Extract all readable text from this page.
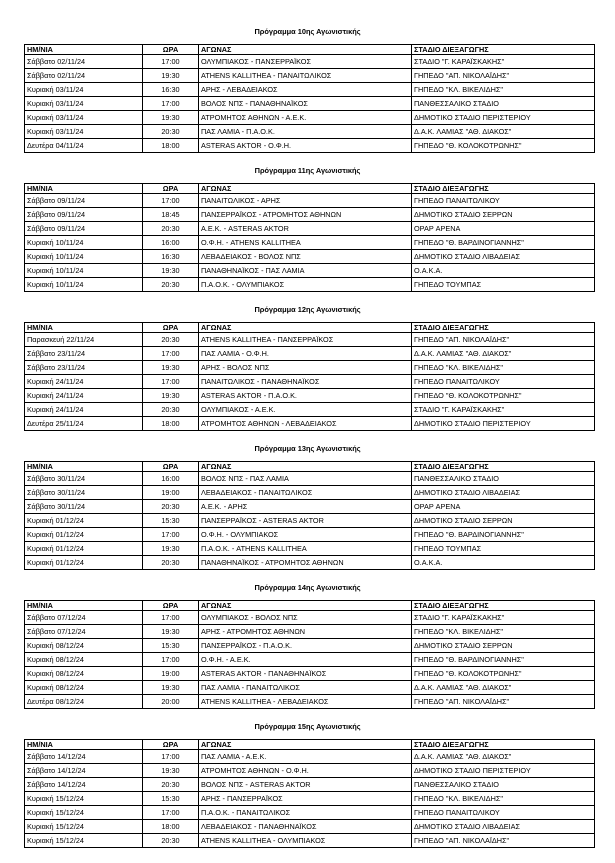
Πρόγραμμα 10ης Αγωνιστικής
ΗΜ/ΝΙΑ	ΩΡΑ	ΑΓΩΝΑΣ	ΣΤΑΔΙΟ ΔΙΕΞΑΓΩΓΗΣ
Σάββατο 02/11/24	17:00	ΟΛΥΜΠΙΑΚΟΣ - ΠΑΝΣΕΡΡΑΪΚΟΣ	ΣΤΑΔΙΟ "Γ. ΚΑΡΑΪΣΚΑΚΗΣ"
Σάββατο 02/11/24	19:30	ATHENS KALLITHEA - ΠΑΝΑΙΤΩΛΙΚΟΣ	ΓΗΠΕΔΟ "ΑΠ. ΝΙΚΟΛΑΪΔΗΣ"
Κυριακή 03/11/24	16:30	ΑΡΗΣ - ΛΕΒΑΔΕΙΑΚΟΣ	ΓΗΠΕΔΟ "ΚΛ. ΒΙΚΕΛΙΔΗΣ"
Κυριακή 03/11/24	17:00	ΒΟΛΟΣ ΝΠΣ - ΠΑΝΑΘΗΝΑΪΚΟΣ	ΠΑΝΘΕΣΣΑΛΙΚΟ ΣΤΑΔΙΟ
Κυριακή 03/11/24	19:30	ΑΤΡΟΜΗΤΟΣ ΑΘΗΝΩΝ - Α.Ε.Κ.	ΔΗΜΟΤΙΚΟ ΣΤΑΔΙΟ ΠΕΡΙΣΤΕΡΙΟΥ
Κυριακή 03/11/24	20:30	ΠΑΣ ΛΑΜΙΑ - Π.Α.Ο.Κ.	Δ.Α.Κ. ΛΑΜΙΑΣ "ΑΘ. ΔΙΑΚΟΣ"
Δευτέρα 04/11/24	18:00	ASTERAS AKTOR - Ο.Φ.Η.	ΓΗΠΕΔΟ "Θ. ΚΟΛΟΚΟΤΡΩΝΗΣ"
Πρόγραμμα 11ης Αγωνιστικής
ΗΜ/ΝΙΑ	ΩΡΑ	ΑΓΩΝΑΣ	ΣΤΑΔΙΟ ΔΙΕΞΑΓΩΓΗΣ
Σάββατο 09/11/24	17:00	ΠΑΝΑΙΤΩΛΙΚΟΣ - ΑΡΗΣ	ΓΗΠΕΔΟ ΠΑΝΑΙΤΩΛΙΚΟΥ
Σάββατο 09/11/24	18:45	ΠΑΝΣΕΡΡΑΪΚΟΣ - ΑΤΡΟΜΗΤΟΣ ΑΘΗΝΩΝ	ΔΗΜΟΤΙΚΟ ΣΤΑΔΙΟ ΣΕΡΡΩΝ
Σάββατο 09/11/24	20:30	Α.Ε.Κ. - ASTERAS AKTOR	OPAP ΑΡΕΝΑ
Κυριακή 10/11/24	16:00	Ο.Φ.Η. - ATHENS KALLITHEA	ΓΗΠΕΔΟ "Θ. ΒΑΡΔΙΝΟΓΙΑΝΝΗΣ"
Κυριακή 10/11/24	16:30	ΛΕΒΑΔΕΙΑΚΟΣ - ΒΟΛΟΣ ΝΠΣ	ΔΗΜΟΤΙΚΟ ΣΤΑΔΙΟ ΛΙΒΑΔΕΙΑΣ
Κυριακή 10/11/24	19:30	ΠΑΝΑΘΗΝΑΪΚΟΣ - ΠΑΣ ΛΑΜΙΑ	Ο.Α.Κ.Α.
Κυριακή 10/11/24	20:30	Π.Α.Ο.Κ. - ΟΛΥΜΠΙΑΚΟΣ	ΓΗΠΕΔΟ ΤΟΥΜΠΑΣ
Πρόγραμμα 12ης Αγωνιστικής
ΗΜ/ΝΙΑ	ΩΡΑ	ΑΓΩΝΑΣ	ΣΤΑΔΙΟ ΔΙΕΞΑΓΩΓΗΣ
Παρασκευή 22/11/24	20:30	ATHENS KALLITHEA - ΠΑΝΣΕΡΡΑΪΚΟΣ	ΓΗΠΕΔΟ "ΑΠ. ΝΙΚΟΛΑΪΔΗΣ"
Σάββατο 23/11/24	17:00	ΠΑΣ ΛΑΜΙΑ - Ο.Φ.Η.	Δ.Α.Κ. ΛΑΜΙΑΣ "ΑΘ. ΔΙΑΚΟΣ"
Σάββατο 23/11/24	19:30	ΑΡΗΣ - ΒΟΛΟΣ ΝΠΣ	ΓΗΠΕΔΟ "ΚΛ. ΒΙΚΕΛΙΔΗΣ"
Κυριακή 24/11/24	17:00	ΠΑΝΑΙΤΩΛΙΚΟΣ - ΠΑΝΑΘΗΝΑΪΚΟΣ	ΓΗΠΕΔΟ ΠΑΝΑΙΤΩΛΙΚΟΥ
Κυριακή 24/11/24	19:30	ASTERAS AKTOR - Π.Α.Ο.Κ.	ΓΗΠΕΔΟ "Θ. ΚΟΛΟΚΟΤΡΩΝΗΣ"
Κυριακή 24/11/24	20:30	ΟΛΥΜΠΙΑΚΟΣ - Α.Ε.Κ.	ΣΤΑΔΙΟ "Γ. ΚΑΡΑΪΣΚΑΚΗΣ"
Δευτέρα 25/11/24	18:00	ΑΤΡΟΜΗΤΟΣ ΑΘΗΝΩΝ - ΛΕΒΑΔΕΙΑΚΟΣ	ΔΗΜΟΤΙΚΟ ΣΤΑΔΙΟ ΠΕΡΙΣΤΕΡΙΟΥ
Πρόγραμμα 13ης Αγωνιστικής
ΗΜ/ΝΙΑ	ΩΡΑ	ΑΓΩΝΑΣ	ΣΤΑΔΙΟ ΔΙΕΞΑΓΩΓΗΣ
Σάββατο 30/11/24	16:00	ΒΟΛΟΣ ΝΠΣ - ΠΑΣ ΛΑΜΙΑ	ΠΑΝΘΕΣΣΑΛΙΚΟ ΣΤΑΔΙΟ
Σάββατο 30/11/24	19:00	ΛΕΒΑΔΕΙΑΚΟΣ - ΠΑΝΑΙΤΩΛΙΚΟΣ	ΔΗΜΟΤΙΚΟ ΣΤΑΔΙΟ ΛΙΒΑΔΕΙΑΣ
Σάββατο 30/11/24	20:30	Α.Ε.Κ. - ΑΡΗΣ	OPAP ΑΡΕΝΑ
Κυριακή 01/12/24	15:30	ΠΑΝΣΕΡΡΑΪΚΟΣ - ASTERAS AKTOR	ΔΗΜΟΤΙΚΟ ΣΤΑΔΙΟ ΣΕΡΡΩΝ
Κυριακή 01/12/24	17:00	Ο.Φ.Η. - ΟΛΥΜΠΙΑΚΟΣ	ΓΗΠΕΔΟ "Θ. ΒΑΡΔΙΝΟΓΙΑΝΝΗΣ"
Κυριακή 01/12/24	19:30	Π.Α.Ο.Κ. - ATHENS KALLITHEA	ΓΗΠΕΔΟ ΤΟΥΜΠΑΣ
Κυριακή 01/12/24	20:30	ΠΑΝΑΘΗΝΑΪΚΟΣ - ΑΤΡΟΜΗΤΟΣ ΑΘΗΝΩΝ	Ο.Α.Κ.Α.
Πρόγραμμα 14ης Αγωνιστικής
ΗΜ/ΝΙΑ	ΩΡΑ	ΑΓΩΝΑΣ	ΣΤΑΔΙΟ ΔΙΕΞΑΓΩΓΗΣ
Σάββατο 07/12/24	17:00	ΟΛΥΜΠΙΑΚΟΣ - ΒΟΛΟΣ ΝΠΣ	ΣΤΑΔΙΟ "Γ. ΚΑΡΑΪΣΚΑΚΗΣ"
Σάββατο 07/12/24	19:30	ΑΡΗΣ - ΑΤΡΟΜΗΤΟΣ ΑΘΗΝΩΝ	ΓΗΠΕΔΟ "ΚΛ. ΒΙΚΕΛΙΔΗΣ"
Κυριακή 08/12/24	15:30	ΠΑΝΣΕΡΡΑΪΚΟΣ - Π.Α.Ο.Κ.	ΔΗΜΟΤΙΚΟ ΣΤΑΔΙΟ ΣΕΡΡΩΝ
Κυριακή 08/12/24	17:00	Ο.Φ.Η. - Α.Ε.Κ.	ΓΗΠΕΔΟ "Θ. ΒΑΡΔΙΝΟΓΙΑΝΝΗΣ"
Κυριακή 08/12/24	19:00	ASTERAS AKTOR - ΠΑΝΑΘΗΝΑΪΚΟΣ	ΓΗΠΕΔΟ "Θ. ΚΟΛΟΚΟΤΡΩΝΗΣ"
Κυριακή 08/12/24	19:30	ΠΑΣ ΛΑΜΙΑ - ΠΑΝΑΙΤΩΛΙΚΟΣ	Δ.Α.Κ. ΛΑΜΙΑΣ "ΑΘ. ΔΙΑΚΟΣ"
Δευτέρα 08/12/24	20:00	ATHENS KALLITHEA - ΛΕΒΑΔΕΙΑΚΟΣ	ΓΗΠΕΔΟ "ΑΠ. ΝΙΚΟΛΑΪΔΗΣ"
Πρόγραμμα 15ης Αγωνιστικής
ΗΜ/ΝΙΑ	ΩΡΑ	ΑΓΩΝΑΣ	ΣΤΑΔΙΟ ΔΙΕΞΑΓΩΓΗΣ
Σάββατο 14/12/24	17:00	ΠΑΣ ΛΑΜΙΑ - Α.Ε.Κ.	Δ.Α.Κ. ΛΑΜΙΑΣ "ΑΘ. ΔΙΑΚΟΣ"
Σάββατο 14/12/24	19:30	ΑΤΡΟΜΗΤΟΣ ΑΘΗΝΩΝ - Ο.Φ.Η.	ΔΗΜΟΤΙΚΟ ΣΤΑΔΙΟ ΠΕΡΙΣΤΕΡΙΟΥ
Σάββατο 14/12/24	20:30	ΒΟΛΟΣ ΝΠΣ - ASTERAS AKTOR	ΠΑΝΘΕΣΣΑΛΙΚΟ ΣΤΑΔΙΟ
Κυριακή 15/12/24	15:30	ΑΡΗΣ - ΠΑΝΣΕΡΡΑΪΚΟΣ	ΓΗΠΕΔΟ "ΚΛ. ΒΙΚΕΛΙΔΗΣ"
Κυριακή 15/12/24	17:00	Π.Α.Ο.Κ. - ΠΑΝΑΙΤΩΛΙΚΟΣ	ΓΗΠΕΔΟ ΠΑΝΑΙΤΩΛΙΚΟΥ
Κυριακή 15/12/24	18:00	ΛΕΒΑΔΕΙΑΚΟΣ - ΠΑΝΑΘΗΝΑΪΚΟΣ	ΔΗΜΟΤΙΚΟ ΣΤΑΔΙΟ ΛΙΒΑΔΕΙΑΣ
Κυριακή 15/12/24	20:30	ATHENS KALLITHEA - ΟΛΥΜΠΙΑΚΟΣ	ΓΗΠΕΔΟ "ΑΠ. ΝΙΚΟΛΑΪΔΗΣ"
